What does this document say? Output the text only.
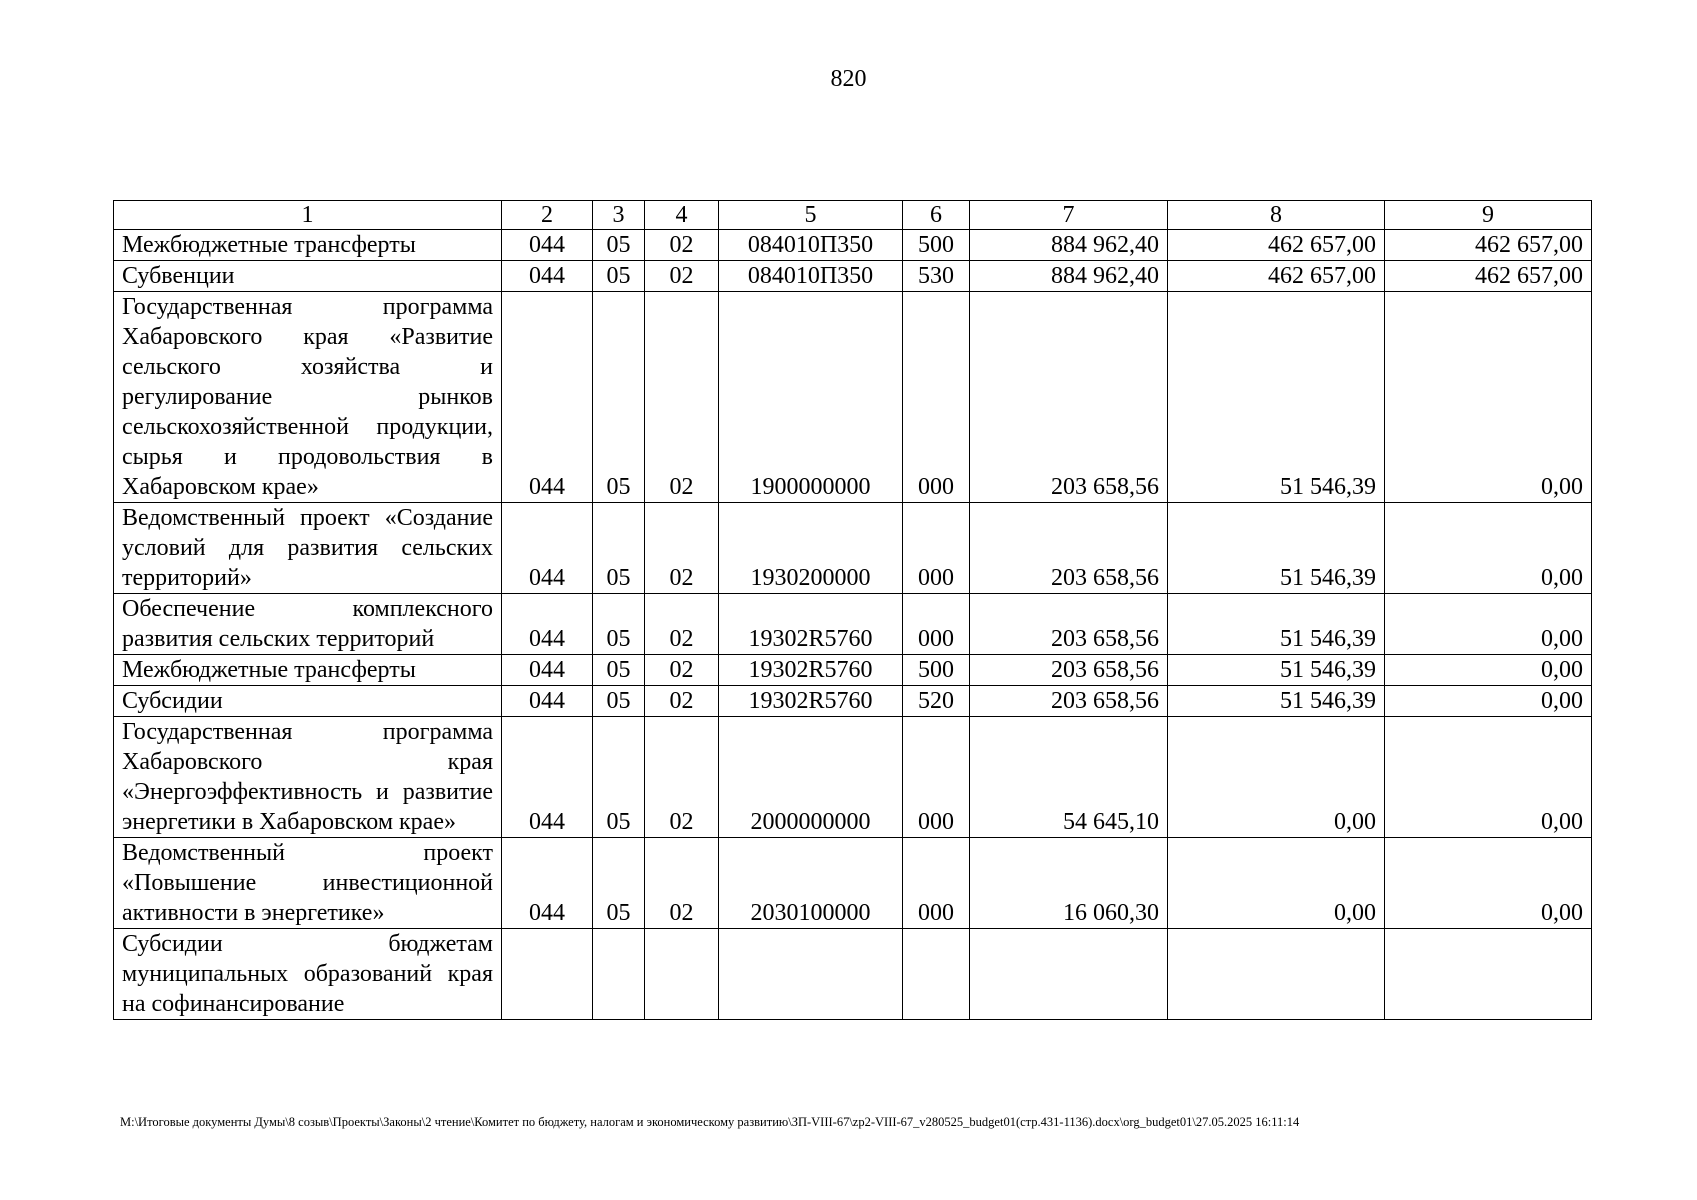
820
1	2	3	4	5	6	7	8	9
Межбюджетные трансферты	044	05	02	084010П350	500	884 962,40	462 657,00	462 657,00
Субвенции	044	05	02	084010П350	530	884 962,40	462 657,00	462 657,00
Государственная программа Хабаровского края «Развитие сельского хозяйства и регулирование рынков сельскохозяйственной продукции, сырья и продовольствия в Хабаровском крае»	044	05	02	1900000000	000	203 658,56	51 546,39	0,00
Ведомственный проект «Создание условий для развития сельских территорий»	044	05	02	1930200000	000	203 658,56	51 546,39	0,00
Обеспечение комплексного развития сельских территорий	044	05	02	19302R5760	000	203 658,56	51 546,39	0,00
Межбюджетные трансферты	044	05	02	19302R5760	500	203 658,56	51 546,39	0,00
Субсидии	044	05	02	19302R5760	520	203 658,56	51 546,39	0,00
Государственная программа Хабаровского края «Энергоэффективность и развитие энергетики в Хабаровском крае»	044	05	02	2000000000	000	54 645,10	0,00	0,00
Ведомственный проект «Повышение инвестиционной активности в энергетике»	044	05	02	2030100000	000	16 060,30	0,00	0,00
Субсидии бюджетам муниципальных образований края на софинансирование								
М:\Итоговые документы Думы\8 созыв\Проекты\Законы\2 чтение\Комитет по бюджету, налогам и экономическому развитию\ЗП-VIII-67\zp2-VIII-67_v280525_budget01(стр.431-1136).docx\org_budget01\27.05.2025 16:11:14
